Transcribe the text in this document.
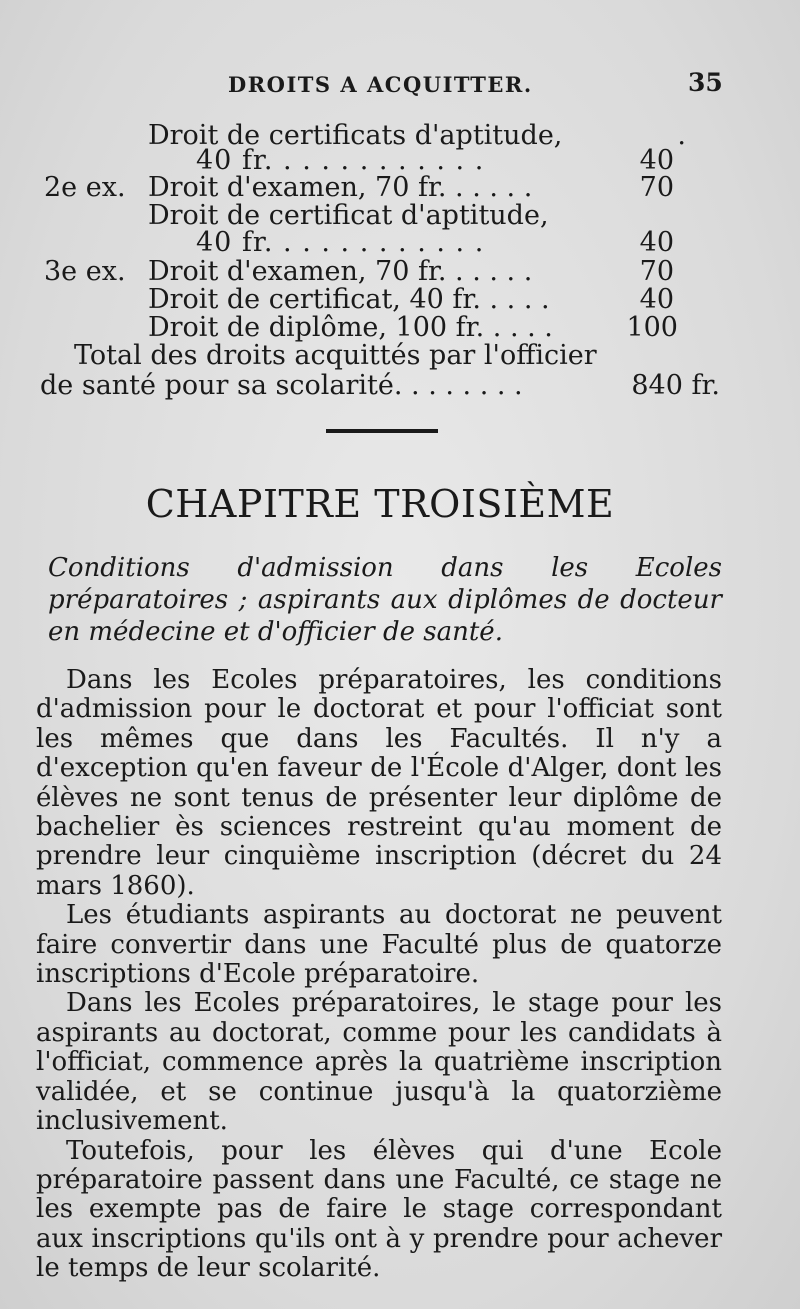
DROITS A ACQUITTER.	35
Droit de certificats d'aptitude,	.
40 fr. . . . . . . . . . . .	40
2e ex. Droit d'examen, 70 fr. . . . . .	70
Droit de certificat d'aptitude,
40 fr. . . . . . . . . . . .	40
3e ex. Droit d'examen, 70 fr. . . . . .	70
Droit de certificat, 40 fr. . . . .	40
Droit de diplôme, 100 fr. . . . .	100
Total des droits acquittés par l'officier
de santé pour sa scolarité. . . . . . . .	840 fr.
CHAPITRE TROISIÈME

Conditions d'admission dans les Ecoles préparatoires ; aspirants aux diplômes de docteur en médecine et d'officier de santé.

Dans les Ecoles préparatoires, les conditions d'admission pour le doctorat et pour l'officiat sont les mêmes que dans les Facultés. Il n'y a d'exception qu'en faveur de l'École d'Alger, dont les élèves ne sont tenus de présenter leur diplôme de bachelier ès sciences restreint qu'au moment de prendre leur cinquième inscription (décret du 24 mars 1860).

Les étudiants aspirants au doctorat ne peuvent faire convertir dans une Faculté plus de quatorze inscriptions d'Ecole préparatoire.

Dans les Ecoles préparatoires, le stage pour les aspirants au doctorat, comme pour les candidats à l'officiat, commence après la quatrième inscription validée, et se continue jusqu'à la quatorzième inclusivement.

Toutefois, pour les élèves qui d'une Ecole préparatoire passent dans une Faculté, ce stage ne les exempte pas de faire le stage correspondant aux inscriptions qu'ils ont à y prendre pour achever le temps de leur scolarité.
